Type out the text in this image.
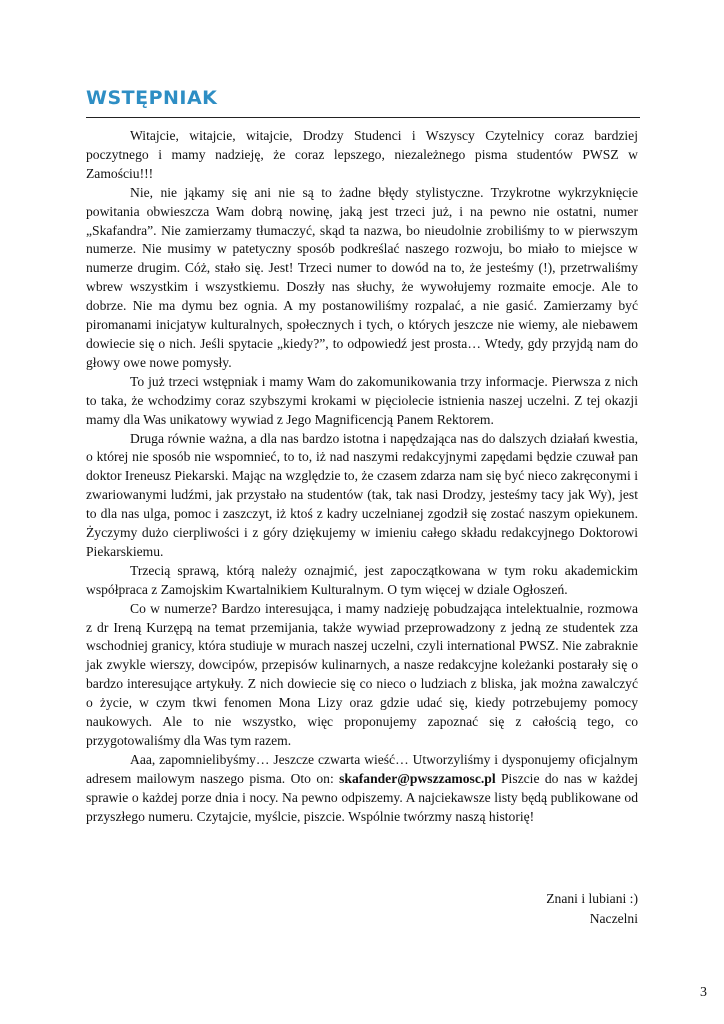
WSTĘPNIAK

Witajcie, witajcie, witajcie, Drodzy Studenci i Wszyscy Czytelnicy coraz bardziej poczytnego i mamy nadzieję, że coraz lepszego, niezależnego pisma studentów PWSZ w Zamościu!!!

Nie, nie jąkamy się ani nie są to żadne błędy stylistyczne. Trzykrotne wykrzyknięcie powitania obwieszcza Wam dobrą nowinę, jaką jest trzeci już, i na pewno nie ostatni, numer „Skafandra”. Nie zamierzamy tłumaczyć, skąd ta nazwa, bo nieudolnie zrobiliśmy to w pierwszym numerze. Nie musimy w patetyczny sposób podkreślać naszego rozwoju, bo miało to miejsce w numerze drugim. Cóż, stało się. Jest! Trzeci numer to dowód na to, że jesteśmy (!), przetrwaliśmy wbrew wszystkim i wszystkiemu. Doszły nas słuchy, że wywołujemy rozmaite emocje. Ale to dobrze. Nie ma dymu bez ognia. A my postanowiliśmy rozpalać, a nie gasić. Zamierzamy być piromanami inicjatyw kulturalnych, społecznych i tych, o których jeszcze nie wiemy, ale niebawem dowiecie się o nich. Jeśli spytacie „kiedy?”, to odpowiedź jest prosta… Wtedy, gdy przyjdą nam do głowy owe nowe pomysły.

To już trzeci wstępniak i mamy Wam do zakomunikowania trzy informacje. Pierwsza z nich to taka, że wchodzimy coraz szybszymi krokami w pięciolecie istnienia naszej uczelni. Z tej okazji mamy dla Was unikatowy wywiad z Jego Magnificencją Panem Rektorem.

Druga równie ważna, a dla nas bardzo istotna i napędzająca nas do dalszych działań kwestia, o której nie sposób nie wspomnieć, to to, iż nad naszymi redakcyjnymi zapędami będzie czuwał pan doktor Ireneusz Piekarski. Mając na względzie to, że czasem zdarza nam się być nieco zakręconymi i zwariowanymi ludźmi, jak przystało na studentów (tak, tak nasi Drodzy, jesteśmy tacy jak Wy), jest to dla nas ulga, pomoc i zaszczyt, iż ktoś z kadry uczelnianej zgodził się zostać naszym opiekunem. Życzymy dużo cierpliwości i z góry dziękujemy w imieniu całego składu redakcyjnego Doktorowi Piekarskiemu.

Trzecią sprawą, którą należy oznajmić, jest zapoczątkowana w tym roku akademickim współpraca z Zamojskim Kwartalnikiem Kulturalnym. O tym więcej w dziale Ogłoszeń.

Co w numerze? Bardzo interesująca, i mamy nadzieję pobudzająca intelektualnie, rozmowa z dr Ireną Kurzępą na temat przemijania, także wywiad przeprowadzony z jedną ze studentek zza wschodniej granicy, która studiuje w murach naszej uczelni, czyli international PWSZ. Nie zabraknie jak zwykle wierszy, dowcipów, przepisów kulinarnych, a nasze redakcyjne koleżanki postarały się o bardzo interesujące artykuły. Z nich dowiecie się co nieco o ludziach z bliska, jak można zawalczyć o życie, w czym tkwi fenomen Mona Lizy oraz gdzie udać się, kiedy potrzebujemy pomocy naukowych. Ale to nie wszystko, więc proponujemy zapoznać się z całością tego, co przygotowaliśmy dla Was tym razem.

Aaa, zapomnielibyśmy… Jeszcze czwarta wieść… Utworzyliśmy i dysponujemy oficjalnym adresem mailowym naszego pisma. Oto on: skafander@pwszzamosc.pl Piszcie do nas w każdej sprawie o każdej porze dnia i nocy. Na pewno odpiszemy. A najciekawsze listy będą publikowane od przyszłego numeru. Czytajcie, myślcie, piszcie. Wspólnie twórzmy naszą historię!

Znani i lubiani :)
Naczelni
3
